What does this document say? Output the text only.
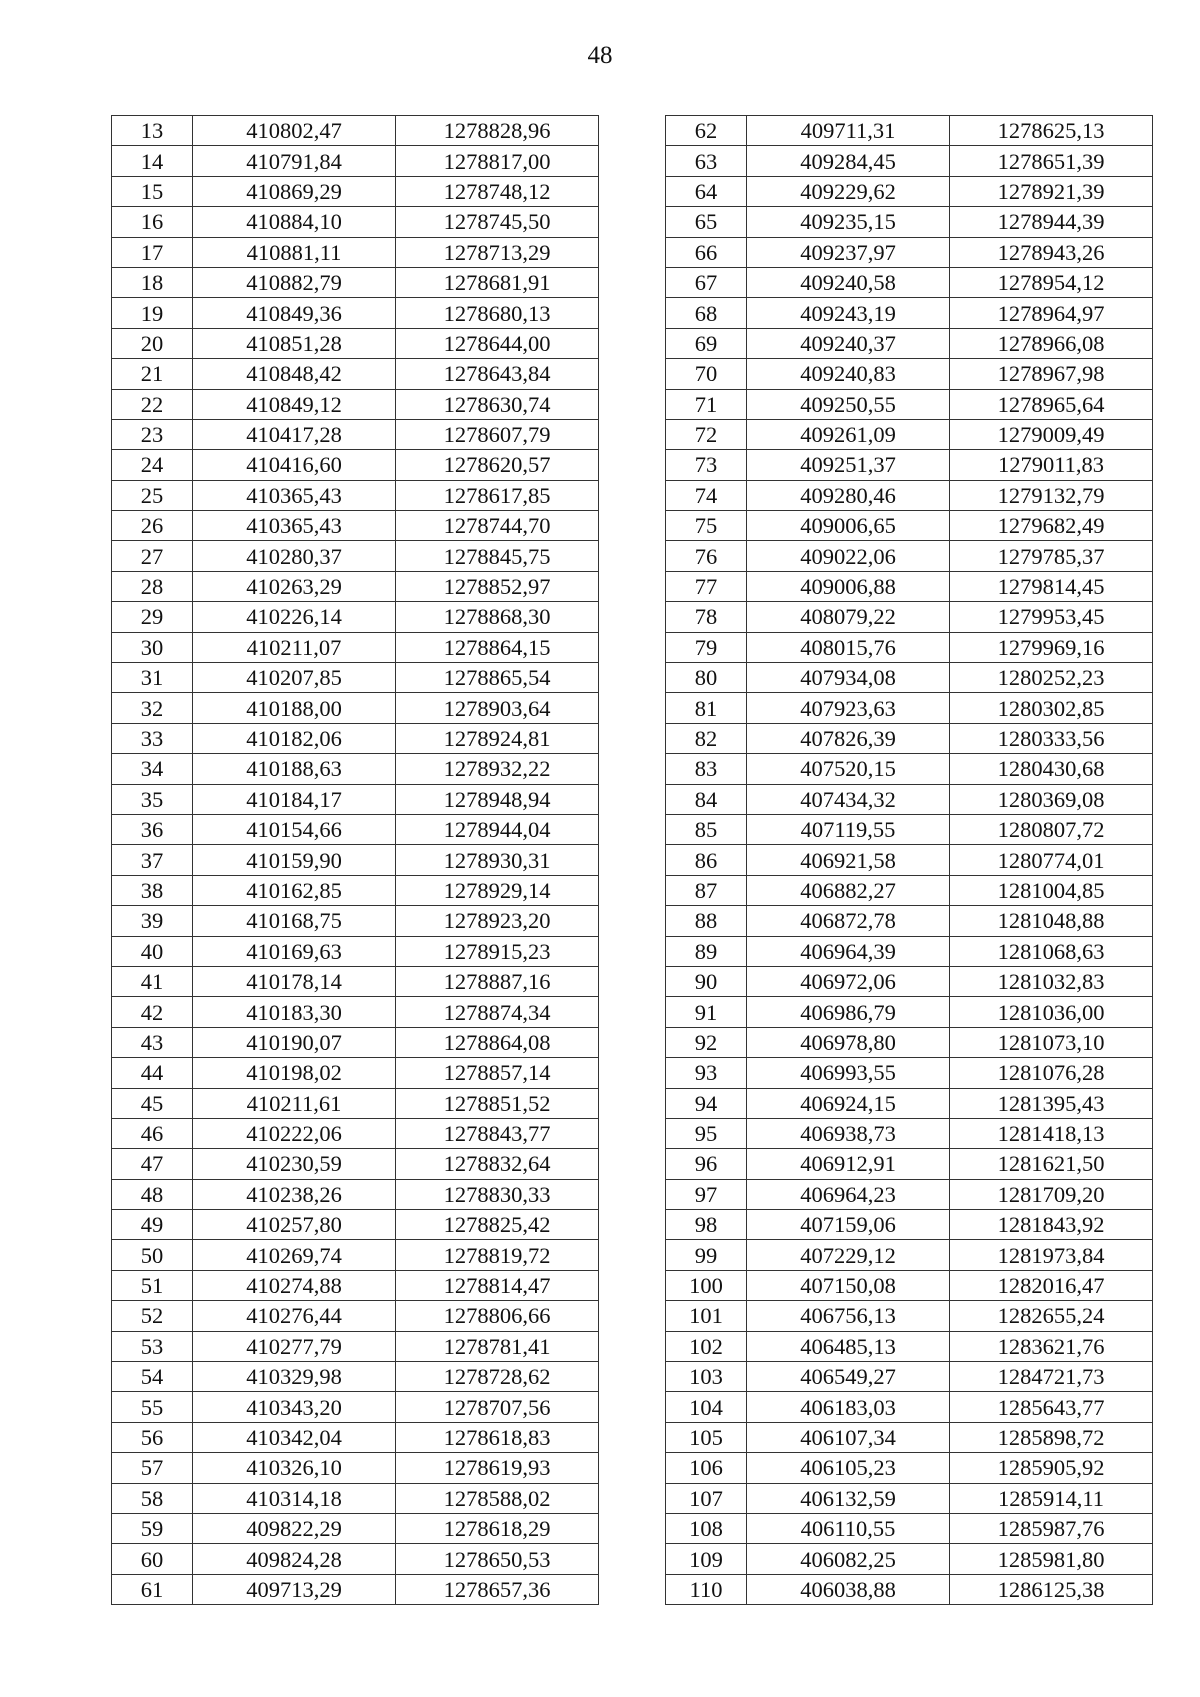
48
13	410802,47	1278828,96
14	410791,84	1278817,00
15	410869,29	1278748,12
16	410884,10	1278745,50
17	410881,11	1278713,29
18	410882,79	1278681,91
19	410849,36	1278680,13
20	410851,28	1278644,00
21	410848,42	1278643,84
22	410849,12	1278630,74
23	410417,28	1278607,79
24	410416,60	1278620,57
25	410365,43	1278617,85
26	410365,43	1278744,70
27	410280,37	1278845,75
28	410263,29	1278852,97
29	410226,14	1278868,30
30	410211,07	1278864,15
31	410207,85	1278865,54
32	410188,00	1278903,64
33	410182,06	1278924,81
34	410188,63	1278932,22
35	410184,17	1278948,94
36	410154,66	1278944,04
37	410159,90	1278930,31
38	410162,85	1278929,14
39	410168,75	1278923,20
40	410169,63	1278915,23
41	410178,14	1278887,16
42	410183,30	1278874,34
43	410190,07	1278864,08
44	410198,02	1278857,14
45	410211,61	1278851,52
46	410222,06	1278843,77
47	410230,59	1278832,64
48	410238,26	1278830,33
49	410257,80	1278825,42
50	410269,74	1278819,72
51	410274,88	1278814,47
52	410276,44	1278806,66
53	410277,79	1278781,41
54	410329,98	1278728,62
55	410343,20	1278707,56
56	410342,04	1278618,83
57	410326,10	1278619,93
58	410314,18	1278588,02
59	409822,29	1278618,29
60	409824,28	1278650,53
61	409713,29	1278657,36
62	409711,31	1278625,13
63	409284,45	1278651,39
64	409229,62	1278921,39
65	409235,15	1278944,39
66	409237,97	1278943,26
67	409240,58	1278954,12
68	409243,19	1278964,97
69	409240,37	1278966,08
70	409240,83	1278967,98
71	409250,55	1278965,64
72	409261,09	1279009,49
73	409251,37	1279011,83
74	409280,46	1279132,79
75	409006,65	1279682,49
76	409022,06	1279785,37
77	409006,88	1279814,45
78	408079,22	1279953,45
79	408015,76	1279969,16
80	407934,08	1280252,23
81	407923,63	1280302,85
82	407826,39	1280333,56
83	407520,15	1280430,68
84	407434,32	1280369,08
85	407119,55	1280807,72
86	406921,58	1280774,01
87	406882,27	1281004,85
88	406872,78	1281048,88
89	406964,39	1281068,63
90	406972,06	1281032,83
91	406986,79	1281036,00
92	406978,80	1281073,10
93	406993,55	1281076,28
94	406924,15	1281395,43
95	406938,73	1281418,13
96	406912,91	1281621,50
97	406964,23	1281709,20
98	407159,06	1281843,92
99	407229,12	1281973,84
100	407150,08	1282016,47
101	406756,13	1282655,24
102	406485,13	1283621,76
103	406549,27	1284721,73
104	406183,03	1285643,77
105	406107,34	1285898,72
106	406105,23	1285905,92
107	406132,59	1285914,11
108	406110,55	1285987,76
109	406082,25	1285981,80
110	406038,88	1286125,38
